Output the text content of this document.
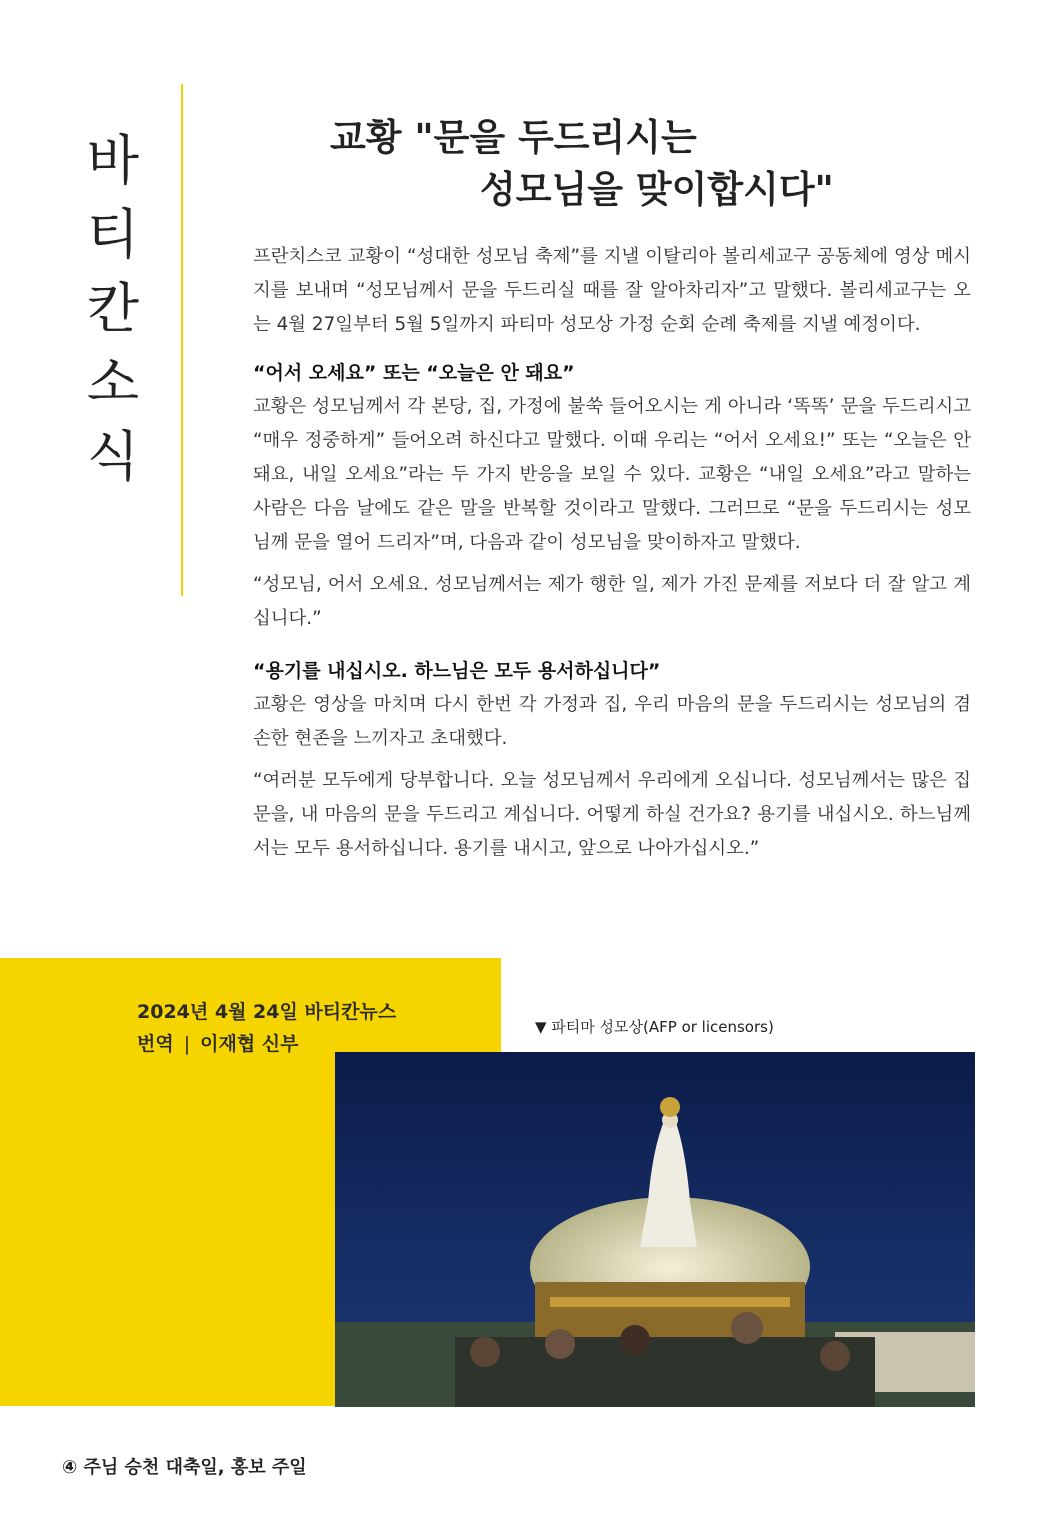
바
티
칸
소
식
교황 "문을 두드리시는
성모님을 맞이합시다"

프란치스코 교황이 “성대한 성모님 축제”를 지낼 이탈리아 볼리세교구 공동체에 영상 메시지를 보내며 “성모님께서 문을 두드리실 때를 잘 알아차리자”고 말했다. 볼리세교구는 오는 4월 27일부터 5월 5일까지 파티마 성모상 가정 순회 순례 축제를 지낼 예정이다.

“어서 오세요” 또는 “오늘은 안 돼요”

교황은 성모님께서 각 본당, 집, 가정에 불쑥 들어오시는 게 아니라 ‘똑똑’ 문을 두드리시고 “매우 정중하게” 들어오려 하신다고 말했다. 이때 우리는 “어서 오세요!” 또는 “오늘은 안 돼요, 내일 오세요”라는 두 가지 반응을 보일 수 있다. 교황은 “내일 오세요”라고 말하는 사람은 다음 날에도 같은 말을 반복할 것이라고 말했다. 그러므로 “문을 두드리시는 성모님께 문을 열어 드리자”며, 다음과 같이 성모님을 맞이하자고 말했다.

“성모님, 어서 오세요. 성모님께서는 제가 행한 일, 제가 가진 문제를 저보다 더 잘 알고 계십니다.”

“용기를 내십시오. 하느님은 모두 용서하십니다”

교황은 영상을 마치며 다시 한번 각 가정과 집, 우리 마음의 문을 두드리시는 성모님의 겸손한 현존을 느끼자고 초대했다.

“여러분 모두에게 당부합니다. 오늘 성모님께서 우리에게 오십니다. 성모님께서는 많은 집 문을, 내 마음의 문을 두드리고 계십니다. 어떻게 하실 건가요? 용기를 내십시오. 하느님께서는 모두 용서하십니다. 용기를 내시고, 앞으로 나아가십시오.”

2024년 4월 24일 바티칸뉴스
번역 | 이재협 신부
▼ 파티마 성모상(AFP or licensors)
④ 주님 승천 대축일, 홍보 주일
